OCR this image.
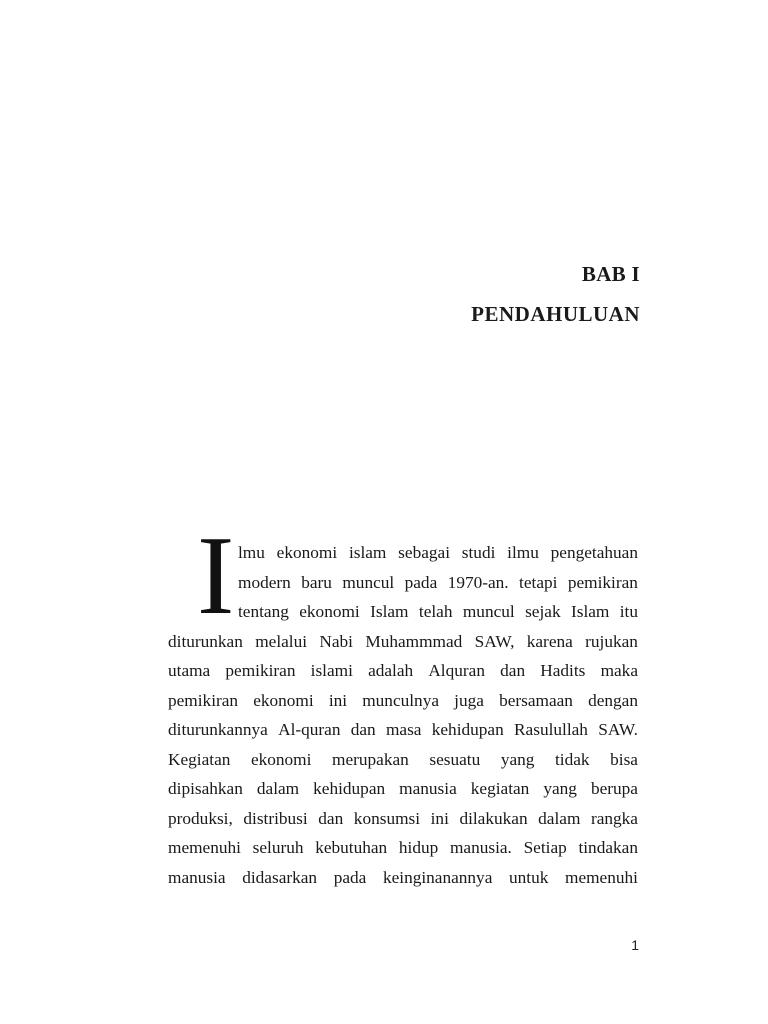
BAB I
PENDAHULUAN
I lmu ekonomi islam sebagai studi ilmu pengetahuan

modern baru muncul pada 1970-an. tetapi pemikiran

tentang ekonomi Islam telah muncul sejak Islam itu

diturunkan melalui Nabi Muhammmad SAW, karena rujukan

utama pemikiran islami adalah Alquran dan Hadits maka

pemikiran ekonomi ini munculnya juga bersamaan dengan

diturunkannya Al-quran dan masa kehidupan Rasulullah SAW.

Kegiatan ekonomi merupakan sesuatu yang tidak bisa

dipisahkan dalam kehidupan manusia kegiatan yang berupa

produksi, distribusi dan konsumsi ini dilakukan dalam rangka

memenuhi seluruh kebutuhan hidup manusia. Setiap tindakan

manusia didasarkan pada keinginanannya untuk memenuhi

1
